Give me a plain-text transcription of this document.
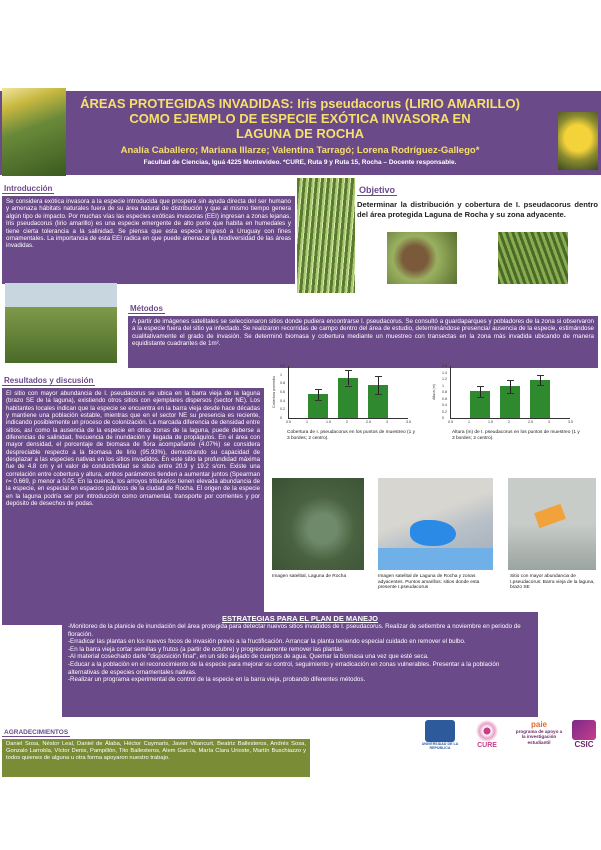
ÁREAS PROTEGIDAS INVADIDAS: Iris pseudacorus (LIRIO AMARILLO)
COMO EJEMPLO DE ESPECIE EXÓTICA INVASORA EN
LAGUNA DE ROCHA
Analía Caballero; Mariana Illarze; Valentina Tarragó; Lorena Rodríguez-Gallego*
Facultad de Ciencias, Iguá 4225 Montevideo. *CURE, Ruta 9 y Ruta 15, Rocha – Docente responsable.
Introducción
Se considera exótica invasora a la especie introducida que prospera sin ayuda directa del ser humano y amenaza hábitats naturales fuera de su área natural de distribución y que al mismo tiempo genera algún tipo de impacto. Por muchas vías las especies exóticas invasoras (EEI) ingresan a zonas lejanas. Iris pseudacorus (lirio amarillo) es una especie emergente de alto porte que habita en humedales y tiene cierta tolerancia a la salinidad. Se piensa que esta especie ingresó a Uruguay con fines ornamentales. La importancia de esta EEI radica en que puede amenazar la biodiversidad de las áreas invadidas.
Objetivo
Determinar la distribución y cobertura de I. pseudacorus dentro del área protegida Laguna de Rocha y su zona adyacente.
Métodos
A partir de imágenes satelitales se seleccionaron sitios donde pudiera encontrarse I. pseudacorus. Se consultó a guardaparques y pobladores de la zona si observaron a la especie fuera del sitio ya infectado. Se realizaron recorridas de campo dentro del área de estudio, determinándose presencia/ ausencia de la especie, estimándose cualitativamente el grado de invasión. Se determinó biomasa y cobertura mediante un muestreo con transectas en la zona más invadida ubicando de manera equidistante cuadrantes de 1m².
Resultados y discusión
El sitio con mayor abundancia de I. pseudacorus se ubica en la barra vieja de la laguna (brazo SE de la laguna), existiendo otros sitios con ejemplares dispersos (sector NE). Los habitantes locales indican que la especie se encuentra en la barra vieja desde hace décadas y mantiene una población estable, mientras que en el sector NE su presencia es reciente, indicando posiblemente un proceso de colonización. La marcada diferencia de densidad entre sitios, así como la ausencia de la especie en otras zonas de la laguna, puede deberse a diferencias de salinidad, frecuencia de inundación y llegada de propágulos. En el área con mayor densidad, el porcentaje de biomasa de flora acompañante (4.07%) se considera despreciable respecto a la biomasa de lirio (95.93%), demostrando su capacidad de desplazar a las especies nativas en los sitios invadidos. En este sitio la profundidad máxima fue de 4.8 cm y el valor de conductividad se situó entre 20.9 y 19.2 s/cm. Existe una correlación entre cobertura y altura, ambos parámetros tienden a aumentar juntos (Spearman r= 0.669, p menor a 0.05. En la cuenca, los arroyos tributarios tienen elevada abundancia de la especie, en especial en espacios públicos de la ciudad de Rocha. El origen de la especie en la laguna podría ser por introducción como ornamental, transporte por corrientes y por depósito de desechos de podas.
Cobertura promedio
0
0.2
0.4
0.6
0.8
1
1.2
0.5	1	1.5	2	2.5	3	3.5
Cobertura de I. pseudacorus en los puntos de muestreo (1 y 3 bordes; 2 centro).
Altura (m)
0
0.2
0.4
0.6
0.8
1
1.2
1.4
1.6
0.5	1	1.5	2	2.5	3	3.5
Altura (m) de I. pseudacorus en los puntos de muestreo (1 y 3 bordes; 2 centro).
Imagen satelital, Laguna de Rocha	Imagen satelital de Laguna de Rocha y zonas adyacentes. Puntos amarillos: sitios donde esta presente I.pseudacorus
Sitio con mayor abundancia de I.pseudacorus: Barra vieja de la laguna, brazo SE
ESTRATEGIAS PARA EL PLAN DE MANEJO
-Monitoreo de la planicie de inundación del área protegida para detectar nuevos sitios invadidos de I. pseudacorus. Realizar de setiembre a noviembre en periodo de floración.
-Erradicar las plantas en los nuevos focos de invasión previo a la fructificación. Arrancar la planta teniendo especial cuidado en remover el bulbo.
-En la barra vieja cortar semillas y frutos (a partir de octubre) y progresivamente remover las plantas
-Al material cosechado darle "disposición final", en un sitio alejado de cuerpos de agua. Quemar la biomasa una vez que esté seca.
-Educar a la población en el reconocimiento de la especie para mejorar su control, seguimiento y erradicación en zonas vulnerables. Presentar a la población alternativas de especies ornamentales nativas.
-Realizar un programa experimental de control de la especie en la barra vieja, probando diferentes métodos.
AGRADECIMIENTOS
Daniel Sosa, Néstor Leal, Daniel de Álaba, Héctor Caymaris, Javier Vitancurt, Beatriz Ballesteros, Andrés Sosa, Gonzalo Larrobla, Víctor Denis, Pampillón, Tito Ballesteros, Alem García, María Clara Urioste, Martín Buschiazzo y todos quienes de alguna u otra forma apoyaron nuestro trabajo.
UNIVERSIDAD DE LA REPUBLICA	CURE
paie
programa de apoyo a la investigación estudiantil	CSIC
